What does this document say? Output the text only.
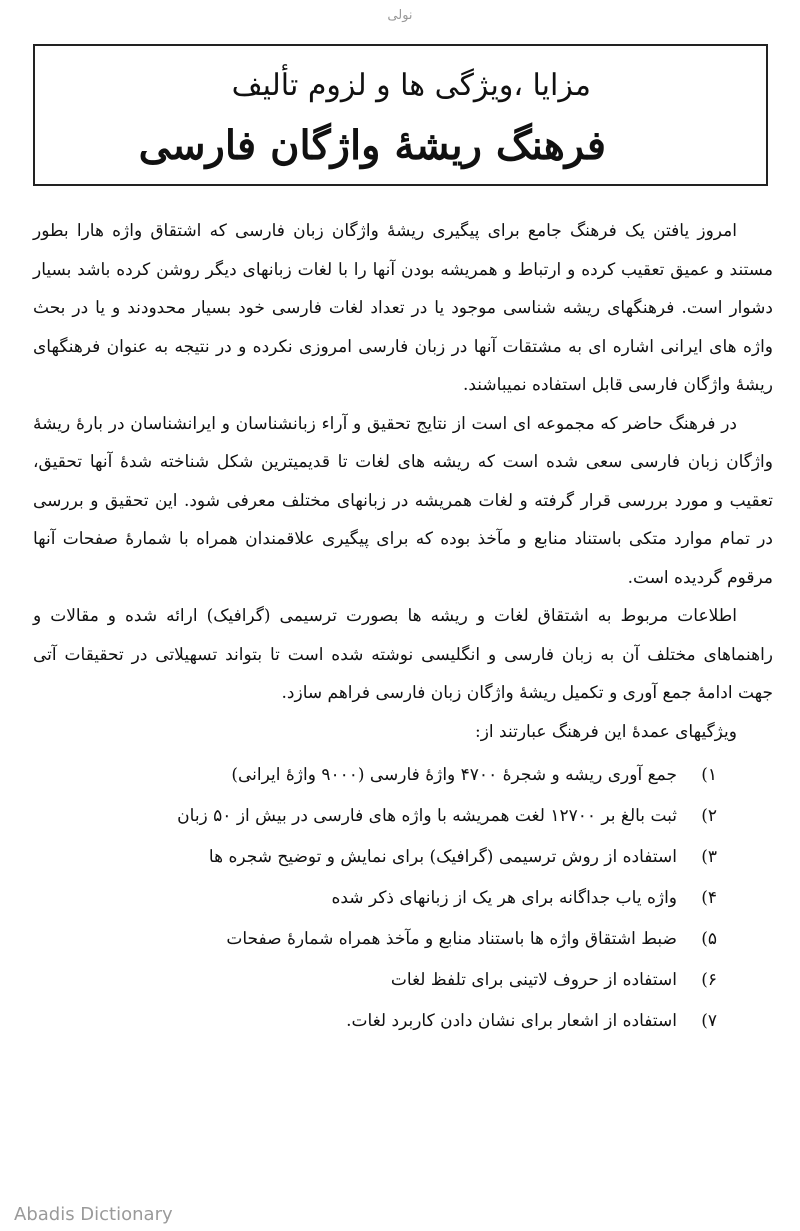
نولی
مزایا ،ویژگی ها و لزوم تألیف
فرهنگ ریشۀ واژگان فارسی

امروز یافتن یک فرهنگ جامع برای پیگیری ریشۀ واژگان زبان فارسی که اشتقاق واژه هارا بطور مستند و عمیق تعقیب کرده و ارتباط و همریشه بودن آنها را با لغات زبانهای دیگر روشن کرده باشد بسیار دشوار است. فرهنگهای ریشه شناسی موجود یا در تعداد لغات فارسی خود بسیار محدودند و یا در بحث واژه های ایرانی اشاره ای به مشتقات آنها در زبان فارسی امروزی نکرده و در نتیجه به عنوان فرهنگهای ریشۀ واژگان فارسی قابل استفاده نمیباشند.

در فرهنگ حاضر که مجموعه ای است از نتایج تحقیق و آراء زبانشناسان و ایرانشناسان در بارۀ ریشۀ واژگان زبان فارسی سعی شده است که ریشه های لغات تا قدیمیترین شکل شناخته شدۀ آنها تحقیق، تعقیب و مورد بررسی قرار گرفته و لغات همریشه در زبانهای مختلف معرفی شود. این تحقیق و بررسی در تمام موارد متکی باستناد منابع و مآخذ بوده که برای پیگیری علاقمندان همراه با شمارۀ صفحات آنها مرقوم گردیده است.

اطلاعات مربوط به اشتقاق لغات و ریشه ها بصورت ترسیمی (گرافیک) ارائه شده و مقالات و راهنماهای مختلف آن به زبان فارسی و انگلیسی نوشته شده است تا بتواند تسهیلاتی در تحقیقات آتی جهت ادامۀ جمع آوری و تکمیل ریشۀ واژگان زبان فارسی فراهم سازد.

ویژگیهای عمدۀ این فرهنگ عبارتند از:

۱)
جمع آوری ریشه و شجرۀ ۴۷۰۰ واژۀ فارسی (۹۰۰۰ واژۀ ایرانی)
۲)
ثبت بالغ بر ۱۲۷۰۰ لغت همریشه با واژه های فارسی در بیش از ۵۰ زبان
۳)
استفاده از روش ترسیمی (گرافیک) برای نمایش و توضیح شجره ها
۴)
واژه یاب جداگانه برای هر یک از زبانهای ذکر شده
۵)
ضبط اشتقاق واژه ها باستناد منابع و مآخذ همراه شمارۀ صفحات
۶)
استفاده از حروف لاتینی برای تلفظ لغات
۷)
استفاده از اشعار برای نشان دادن کاربرد لغات.
Abadis Dictionary
